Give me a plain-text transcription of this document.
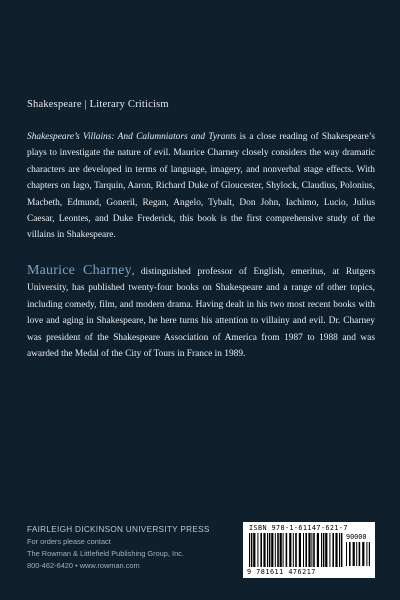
Shakespeare | Literary Criticism
Shakespeare’s Villains: And Calumniators and Tyrants is a close reading of Shakespeare’s plays to investigate the nature of evil. Maurice Charney closely considers the way dramatic characters are developed in terms of language, imagery, and nonverbal stage effects. With chapters on Iago, Tarquin, Aaron, Richard Duke of Gloucester, Shylock, Claudius, Polonius, Macbeth, Edmund, Goneril, Regan, Angelo, Tybalt, Don John, Iachimo, Lucio, Julius Caesar, Leontes, and Duke Frederick, this book is the first comprehensive study of the villains in Shakespeare.
Maurice Charney, distinguished professor of English, emeritus, at Rutgers University, has published twenty-four books on Shakespeare and a range of other topics, including comedy, film, and modern drama. Having dealt in his two most recent books with love and aging in Shakespeare, he here turns his attention to villainy and evil. Dr. Charney was president of the Shakespeare Association of America from 1987 to 1988 and was awarded the Medal of the City of Tours in France in 1989.
FAIRLEIGH DICKINSON UNIVERSITY PRESS
For orders please contact
The Rowman & Littlefield Publishing Group, Inc.
800-462-6420 • www.rowman.com
ISBN 978-1-61147-621-7
90000
9 781611 476217
